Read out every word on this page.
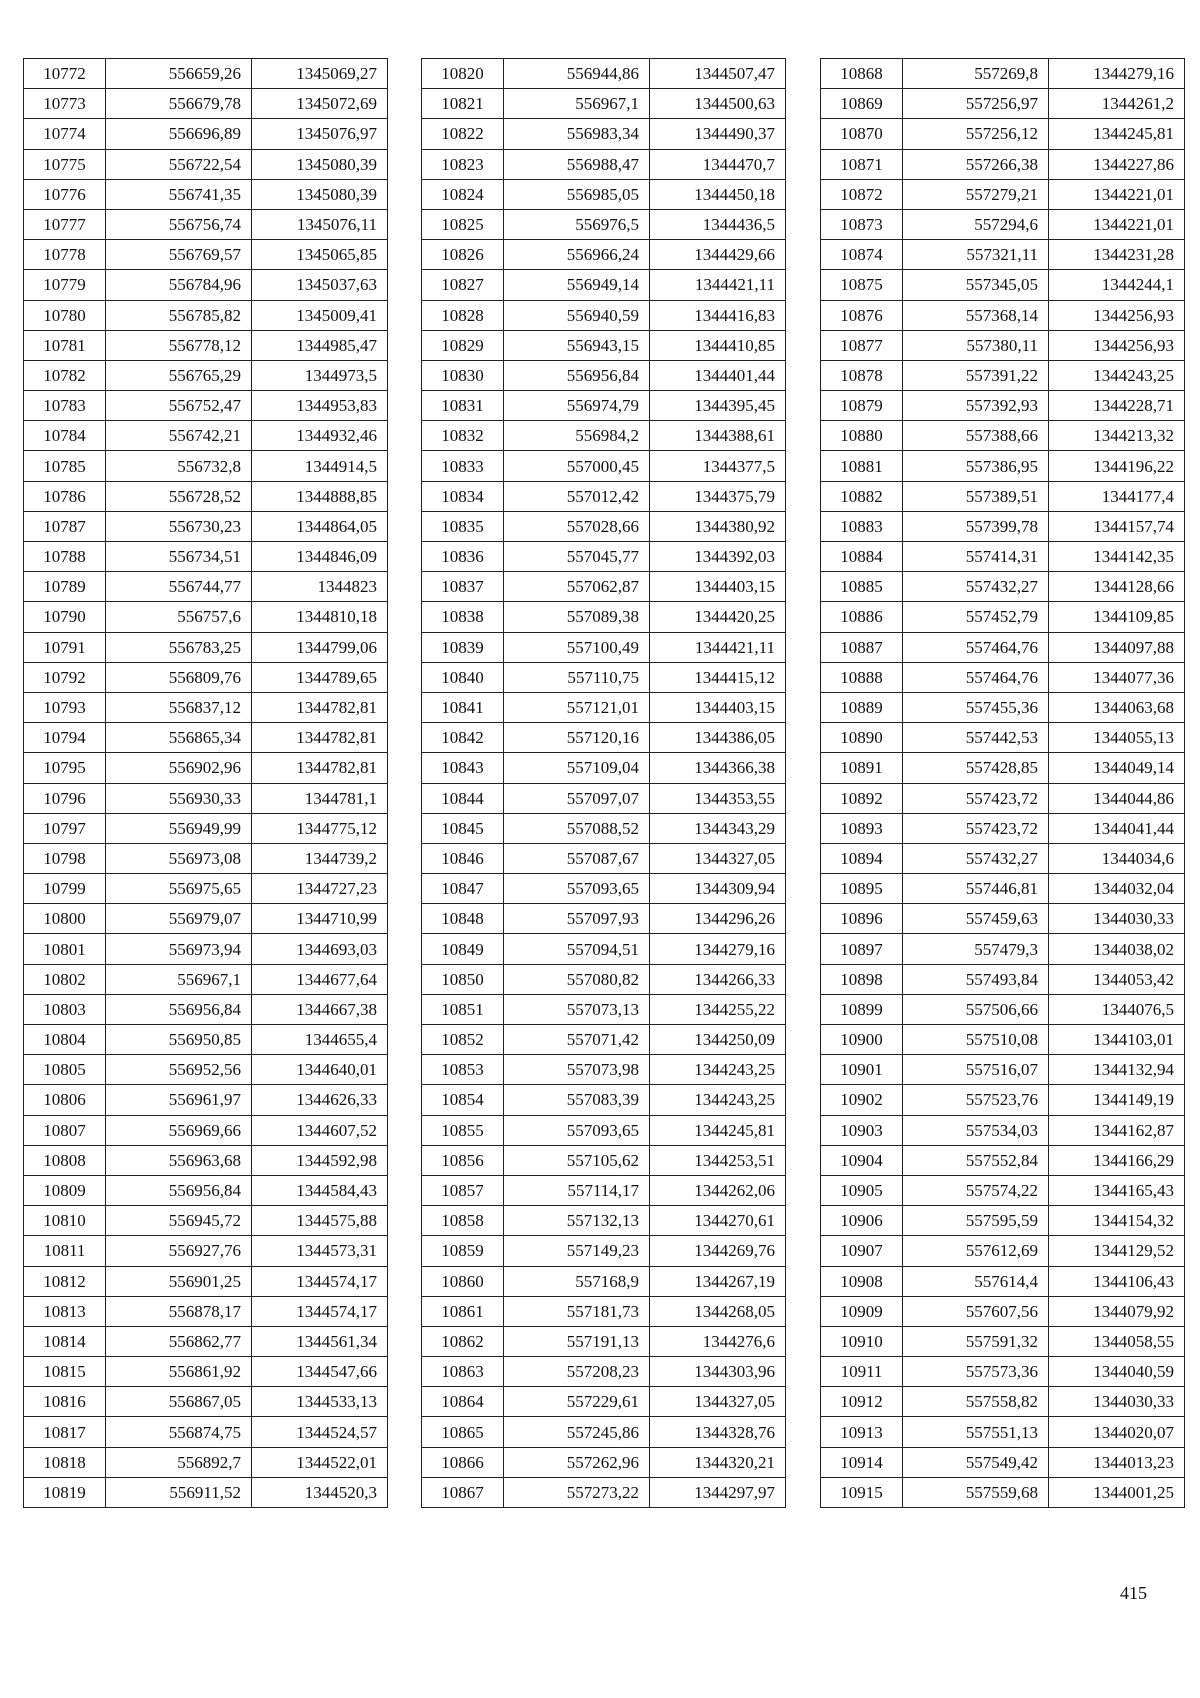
10772	556659,26	1345069,27
10773	556679,78	1345072,69
10774	556696,89	1345076,97
10775	556722,54	1345080,39
10776	556741,35	1345080,39
10777	556756,74	1345076,11
10778	556769,57	1345065,85
10779	556784,96	1345037,63
10780	556785,82	1345009,41
10781	556778,12	1344985,47
10782	556765,29	1344973,5
10783	556752,47	1344953,83
10784	556742,21	1344932,46
10785	556732,8	1344914,5
10786	556728,52	1344888,85
10787	556730,23	1344864,05
10788	556734,51	1344846,09
10789	556744,77	1344823
10790	556757,6	1344810,18
10791	556783,25	1344799,06
10792	556809,76	1344789,65
10793	556837,12	1344782,81
10794	556865,34	1344782,81
10795	556902,96	1344782,81
10796	556930,33	1344781,1
10797	556949,99	1344775,12
10798	556973,08	1344739,2
10799	556975,65	1344727,23
10800	556979,07	1344710,99
10801	556973,94	1344693,03
10802	556967,1	1344677,64
10803	556956,84	1344667,38
10804	556950,85	1344655,4
10805	556952,56	1344640,01
10806	556961,97	1344626,33
10807	556969,66	1344607,52
10808	556963,68	1344592,98
10809	556956,84	1344584,43
10810	556945,72	1344575,88
10811	556927,76	1344573,31
10812	556901,25	1344574,17
10813	556878,17	1344574,17
10814	556862,77	1344561,34
10815	556861,92	1344547,66
10816	556867,05	1344533,13
10817	556874,75	1344524,57
10818	556892,7	1344522,01
10819	556911,52	1344520,3
10820	556944,86	1344507,47
10821	556967,1	1344500,63
10822	556983,34	1344490,37
10823	556988,47	1344470,7
10824	556985,05	1344450,18
10825	556976,5	1344436,5
10826	556966,24	1344429,66
10827	556949,14	1344421,11
10828	556940,59	1344416,83
10829	556943,15	1344410,85
10830	556956,84	1344401,44
10831	556974,79	1344395,45
10832	556984,2	1344388,61
10833	557000,45	1344377,5
10834	557012,42	1344375,79
10835	557028,66	1344380,92
10836	557045,77	1344392,03
10837	557062,87	1344403,15
10838	557089,38	1344420,25
10839	557100,49	1344421,11
10840	557110,75	1344415,12
10841	557121,01	1344403,15
10842	557120,16	1344386,05
10843	557109,04	1344366,38
10844	557097,07	1344353,55
10845	557088,52	1344343,29
10846	557087,67	1344327,05
10847	557093,65	1344309,94
10848	557097,93	1344296,26
10849	557094,51	1344279,16
10850	557080,82	1344266,33
10851	557073,13	1344255,22
10852	557071,42	1344250,09
10853	557073,98	1344243,25
10854	557083,39	1344243,25
10855	557093,65	1344245,81
10856	557105,62	1344253,51
10857	557114,17	1344262,06
10858	557132,13	1344270,61
10859	557149,23	1344269,76
10860	557168,9	1344267,19
10861	557181,73	1344268,05
10862	557191,13	1344276,6
10863	557208,23	1344303,96
10864	557229,61	1344327,05
10865	557245,86	1344328,76
10866	557262,96	1344320,21
10867	557273,22	1344297,97
10868	557269,8	1344279,16
10869	557256,97	1344261,2
10870	557256,12	1344245,81
10871	557266,38	1344227,86
10872	557279,21	1344221,01
10873	557294,6	1344221,01
10874	557321,11	1344231,28
10875	557345,05	1344244,1
10876	557368,14	1344256,93
10877	557380,11	1344256,93
10878	557391,22	1344243,25
10879	557392,93	1344228,71
10880	557388,66	1344213,32
10881	557386,95	1344196,22
10882	557389,51	1344177,4
10883	557399,78	1344157,74
10884	557414,31	1344142,35
10885	557432,27	1344128,66
10886	557452,79	1344109,85
10887	557464,76	1344097,88
10888	557464,76	1344077,36
10889	557455,36	1344063,68
10890	557442,53	1344055,13
10891	557428,85	1344049,14
10892	557423,72	1344044,86
10893	557423,72	1344041,44
10894	557432,27	1344034,6
10895	557446,81	1344032,04
10896	557459,63	1344030,33
10897	557479,3	1344038,02
10898	557493,84	1344053,42
10899	557506,66	1344076,5
10900	557510,08	1344103,01
10901	557516,07	1344132,94
10902	557523,76	1344149,19
10903	557534,03	1344162,87
10904	557552,84	1344166,29
10905	557574,22	1344165,43
10906	557595,59	1344154,32
10907	557612,69	1344129,52
10908	557614,4	1344106,43
10909	557607,56	1344079,92
10910	557591,32	1344058,55
10911	557573,36	1344040,59
10912	557558,82	1344030,33
10913	557551,13	1344020,07
10914	557549,42	1344013,23
10915	557559,68	1344001,25
415
